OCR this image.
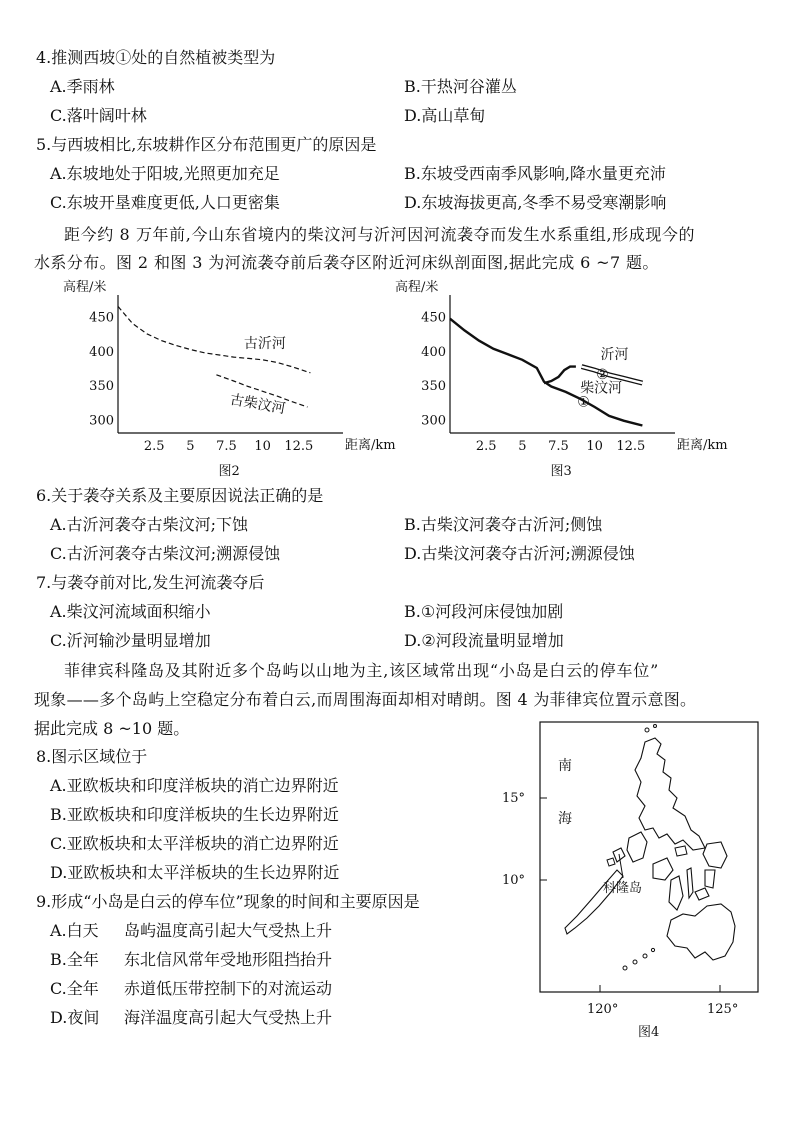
4.推测西坡①处的自然植被类型为
A.季雨林	B.干热河谷灌丛
C.落叶阔叶林	D.高山草甸
5.与西坡相比,东坡耕作区分布范围更广的原因是
A.东坡地处于阳坡,光照更加充足	B.东坡受西南季风影响,降水量更充沛
C.东坡开垦难度更低,人口更密集	D.东坡海拔更高,冬季不易受寒潮影响
距今约 8 万年前,今山东省境内的柴汶河与沂河因河流袭夺而发生水系重组,形成现今的
水系分布。图 2 和图 3 为河流袭夺前后袭夺区附近河床纵剖面图,据此完成 6 ~7 题。
高程/米
距离/km
2.5 5 7.5 10 12.5
450
400
350
300
古沂河
古柴汶河
图2
高程/米
距离/km
2.5 5 7.5 10 12.5
450
400
350
300
沂河
②
柴汶河
①
图3
6.关于袭夺关系及主要原因说法正确的是
A.古沂河袭夺古柴汶河;下蚀	B.古柴汶河袭夺古沂河;侧蚀
C.古沂河袭夺古柴汶河;溯源侵蚀	D.古柴汶河袭夺古沂河;溯源侵蚀
7.与袭夺前对比,发生河流袭夺后
A.柴汶河流域面积缩小	B.①河段河床侵蚀加剧
C.沂河输沙量明显增加	D.②河段流量明显增加
菲律宾科隆岛及其附近多个岛屿以山地为主,该区域常出现“小岛是白云的停车位”
现象——多个岛屿上空稳定分布着白云,而周围海面却相对晴朗。图 4 为菲律宾位置示意图。
据此完成 8 ~10 题。
8.图示区域位于
A.亚欧板块和印度洋板块的消亡边界附近
B.亚欧板块和印度洋板块的生长边界附近
C.亚欧板块和太平洋板块的消亡边界附近
D.亚欧板块和太平洋板块的生长边界附近
9.形成“小岛是白云的停车位”现象的时间和主要原因是
A.白天 岛屿温度高引起大气受热上升
B.全年 东北信风常年受地形阻挡抬升
C.全年 赤道低压带控制下的对流运动
D.夜间 海洋温度高引起大气受热上升
15°
10°
120°	125°
南
海
科隆岛
图4
